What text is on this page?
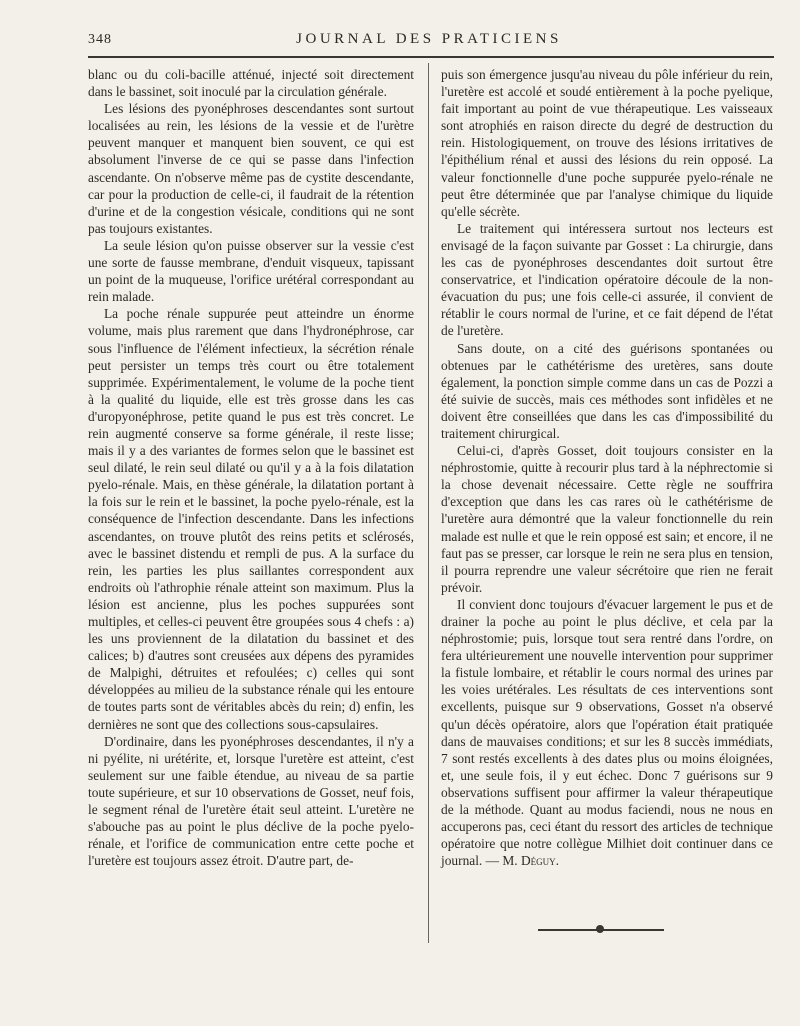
348	JOURNAL DES PRATICIENS

blanc ou du coli-bacille atténué, injecté soit directement dans le bassinet, soit inoculé par la circulation générale.

Les lésions des pyonéphroses descendantes sont surtout localisées au rein, les lésions de la vessie et de l'urètre peuvent manquer et manquent bien souvent, ce qui est absolument l'inverse de ce qui se passe dans l'infection ascendante. On n'observe même pas de cystite descendante, car pour la production de celle-ci, il faudrait de la rétention d'urine et de la congestion vésicale, conditions qui ne sont pas toujours existantes.

La seule lésion qu'on puisse observer sur la vessie c'est une sorte de fausse membrane, d'enduit visqueux, tapissant un point de la muqueuse, l'orifice urétéral correspondant au rein malade.

La poche rénale suppurée peut atteindre un énorme volume, mais plus rarement que dans l'hydronéphrose, car sous l'influence de l'élément infectieux, la sécrétion rénale peut persister un temps très court ou être totalement supprimée. Expérimentalement, le volume de la poche tient à la qualité du liquide, elle est très grosse dans les cas d'uropyonéphrose, petite quand le pus est très concret. Le rein augmenté conserve sa forme générale, il reste lisse; mais il y a des variantes de formes selon que le bassinet est seul dilaté, le rein seul dilaté ou qu'il y a à la fois dilatation pyelo-rénale. Mais, en thèse générale, la dilatation portant à la fois sur le rein et le bassinet, la poche pyelo-rénale, est la conséquence de l'infection descendante. Dans les infections ascendantes, on trouve plutôt des reins petits et sclérosés, avec le bassinet distendu et rempli de pus. A la surface du rein, les parties les plus saillantes correspondent aux endroits où l'athrophie rénale atteint son maximum. Plus la lésion est ancienne, plus les poches suppurées sont multiples, et celles-ci peuvent être groupées sous 4 chefs : a) les uns proviennent de la dilatation du bassinet et des calices; b) d'autres sont creusées aux dépens des pyramides de Malpighi, détruites et refoulées; c) celles qui sont développées au milieu de la substance rénale qui les entoure de toutes parts sont de véritables abcès du rein; d) enfin, les dernières ne sont que des collections sous-capsulaires.

D'ordinaire, dans les pyonéphroses descendantes, il n'y a ni pyélite, ni urétérite, et, lorsque l'uretère est atteint, c'est seulement sur une faible étendue, au niveau de sa partie toute supérieure, et sur 10 observations de Gosset, neuf fois, le segment rénal de l'uretère était seul atteint. L'uretère ne s'abouche pas au point le plus déclive de la poche pyelo-rénale, et l'orifice de communication entre cette poche et l'uretère est toujours assez étroit. D'autre part, de-

puis son émergence jusqu'au niveau du pôle inférieur du rein, l'uretère est accolé et soudé entièrement à la poche pyelique, fait important au point de vue thérapeutique. Les vaisseaux sont atrophiés en raison directe du degré de destruction du rein. Histologiquement, on trouve des lésions irritatives de l'épithélium rénal et aussi des lésions du rein opposé. La valeur fonctionnelle d'une poche suppurée pyelo-rénale ne peut être déterminée que par l'analyse chimique du liquide qu'elle sécrète.

Le traitement qui intéressera surtout nos lecteurs est envisagé de la façon suivante par Gosset : La chirurgie, dans les cas de pyonéphroses descendantes doit surtout être conservatrice, et l'indication opératoire découle de la non-évacuation du pus; une fois celle-ci assurée, il convient de rétablir le cours normal de l'urine, et ce fait dépend de l'état de l'uretère.

Sans doute, on a cité des guérisons spontanées ou obtenues par le cathétérisme des uretères, sans doute également, la ponction simple comme dans un cas de Pozzi a été suivie de succès, mais ces méthodes sont infidèles et ne doivent être conseillées que dans les cas d'impossibilité du traitement chirurgical.

Celui-ci, d'après Gosset, doit toujours consister en la néphrostomie, quitte à recourir plus tard à la néphrectomie si la chose devenait nécessaire. Cette règle ne souffrira d'exception que dans les cas rares où le cathétérisme de l'uretère aura démontré que la valeur fonctionnelle du rein malade est nulle et que le rein opposé est sain; et encore, il ne faut pas se presser, car lorsque le rein ne sera plus en tension, il pourra reprendre une valeur sécrétoire que rien ne ferait prévoir.

Il convient donc toujours d'évacuer largement le pus et de drainer la poche au point le plus déclive, et cela par la néphrostomie; puis, lorsque tout sera rentré dans l'ordre, on fera ultérieurement une nouvelle intervention pour supprimer la fistule lombaire, et rétablir le cours normal des urines par les voies urétérales. Les résultats de ces interventions sont excellents, puisque sur 9 observations, Gosset n'a observé qu'un décès opératoire, alors que l'opération était pratiquée dans de mauvaises conditions; et sur les 8 succès immédiats, 7 sont restés excellents à des dates plus ou moins éloignées, et, une seule fois, il y eut échec. Donc 7 guérisons sur 9 observations suffisent pour affirmer la valeur thérapeutique de la méthode. Quant au modus faciendi, nous ne nous en accuperons pas, ceci étant du ressort des articles de technique opératoire que notre collègue Milhiet doit continuer dans ce journal. — M. Déguy.
